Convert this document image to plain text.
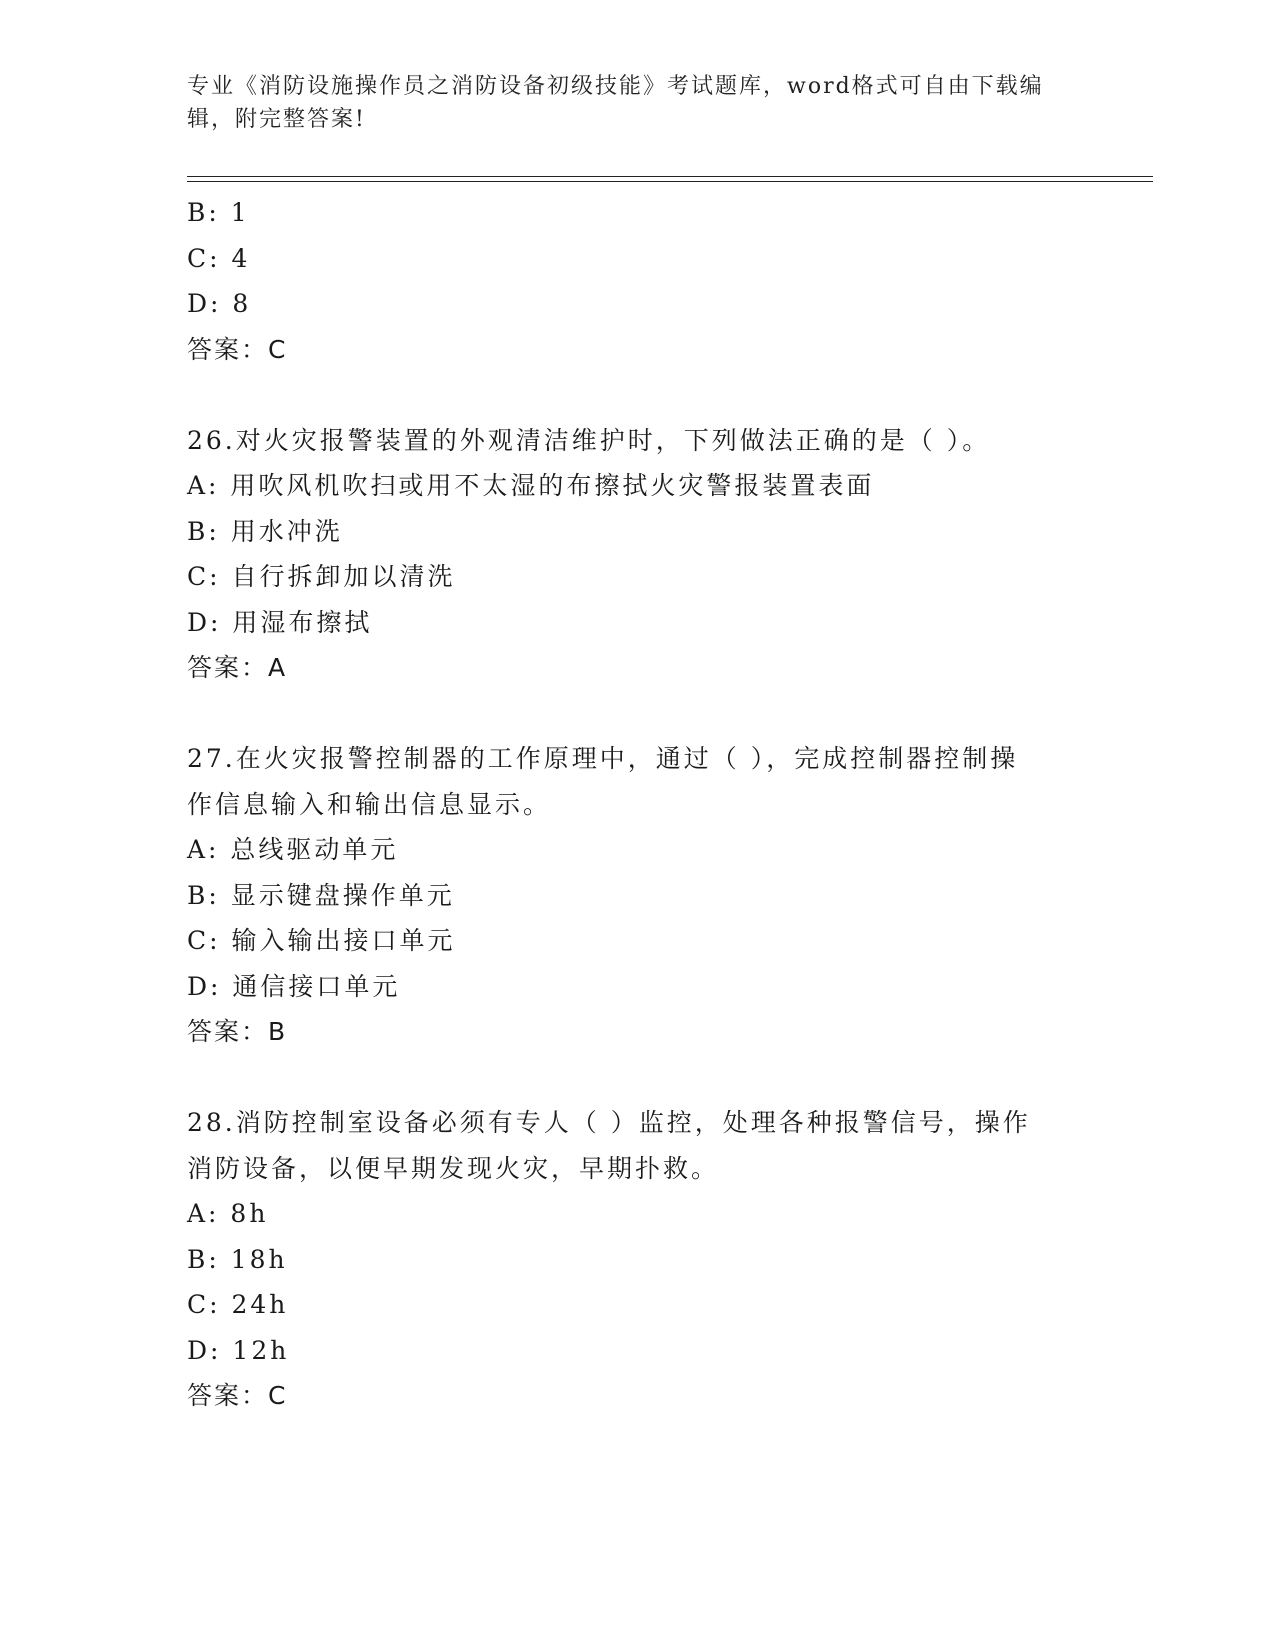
专业《消防设施操作员之消防设备初级技能》考试题库，word格式可自由下载编辑，附完整答案!
B: 1
C: 4
D: 8
答案：C
26.对火灾报警装置的外观清洁维护时，下列做法正确的是（ ）。
A: 用吹风机吹扫或用不太湿的布擦拭火灾警报装置表面
B: 用水冲洗
C: 自行拆卸加以清洗
D: 用湿布擦拭
答案：A
27.在火灾报警控制器的工作原理中，通过（ ），完成控制器控制操
作信息输入和输出信息显示。
A: 总线驱动单元
B: 显示键盘操作单元
C: 输入输出接口单元
D: 通信接口单元
答案：B
28.消防控制室设备必须有专人（ ）监控，处理各种报警信号，操作
消防设备，以便早期发现火灾，早期扑救。
A: 8h
B: 18h
C: 24h
D: 12h
答案：C
